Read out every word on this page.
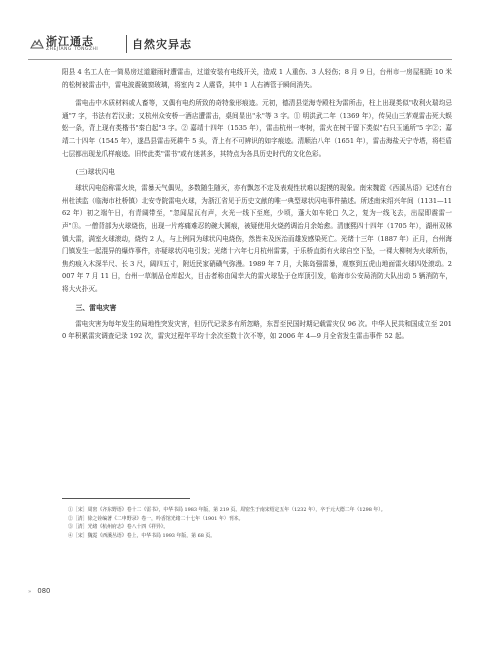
浙江通志
ZHEJIANG TONGZHI	自然灾异志

阳县 4 名工人在一简易房过道避雨时遭雷击，过道安装有电线开关，造成 1 人重伤、3 人轻伤；8 月 9 日，台州市一房屋相距 10 米的松树被雷击中，雷电波震破窗玻璃，将室内 2 人震昏，其中 1 人右裤管于瞬间消失。

雷电击中木质材料或人畜等，又偶有电灼所致的奇特象形痕迹。元初，德清县觉海寺殿柱为雷所击，柱上出现类似"收利火瑞均忌通"7 字，书法有若汉隶；又杭州众安桥一酒店遭雷击，桌间显出"永"等 3 字。① 明洪武二年（1369 年），传吴山三茅观雷击死大蜈蚣一条，背上现有类楷书"秦白起"3 字。② 嘉靖十四年（1535 年），雷击杭州一枣树，雷火在树干留下类似"右只玉通所"5 字②；嘉靖二十四年（1545 年），遂昌县雷击死耕牛 5 头，背上有不可辨识的如字痕迹。清顺治八年（1651 年），雷击海盐天宁寺塔，将栏盾七层都出现龙爪样痕迹。旧传此类"雷书"或有迷甚多，其特点为各具历史时代的文化色彩。

(三)球状闪电

球状闪电俗称雷火块，雷暴天气偶见，多数随生随灭，亦有飘忽不定及表观性状难以捉摸的现象。南宋魏霓《西溪丛语》记述有台州杜渎监（临海市杜桥镇）北安寺院雷电火球，为浙江省见于历史文献的唯一典型球状闪电事件描述。所述南宋绍兴年间（1131—1162 年）初之端午日，有青阔带至，"忽闻屋瓦有声，火光一线下至庭，少顷，蓬大如车轮□ 久之，复为一线飞去，出屋即震雷一声"③。一僧背部为火球烧伤，出现一片疼痛难忍的碗大圆痕，被疑使用火烧药调治月余始愈。清康熙四十四年（1705 年），湖州双林镇大雷，满室火球滚动，烧灼 2 人，与上例同为球状闪电烧伤，然皆未及医治而雄发感染死亡。光绪十三年（1887 年）正月，台州海门镇发生一起混异的爆炸事件，亦疑球状闪电引发；光绪十六年七月杭州雷雾，于乐桥直街有火球自空下坠，一裸大柳树为火球所伤，焦灼痕入木深半尺、长 3 尺，阔四五寸，附近民家硝磺气弥漫。1989 年 7 月，大陈岛强雷暴，观察到五虎山地面雷火球四处滚动。2007 年 7 月 11 日，台州一草制品仓库起火，目击者称由闻幸大的雷火球坠于仓库顶引发，临海市公安局消防大队出动 5 辆消防车，将大火扑灭。

三、雷电灾害

雷电灾害为每年发生的局地性突发灾害，但历代记录多有所忽略，东晋至民国时期记载雷灾仅 96 次。中华人民共和国成立至 2010 年积累雷灾调查记录 192 次，雷灾过程年平均十余次至数十次不等，如 2006 年 4—9 月全省发生雷击事件 52 起。

①［宋］周密《齐东野语》卷十二《雷书》，中华书局 1983 年版，第 219 页。周密生于南宋绍定五年（1232 年），卒于元大德二年（1298 年）。
②［清］徐之铨编著《二申野录》卷一，吟香馆光绪二十七年（1901 年）刊本。
③［清］光绪《杭州府志》卷八十四《祥异》。
④［宋］魏霓《西溪丛语》卷上，中华书局 1993 年版，第 68 页。
» 080
